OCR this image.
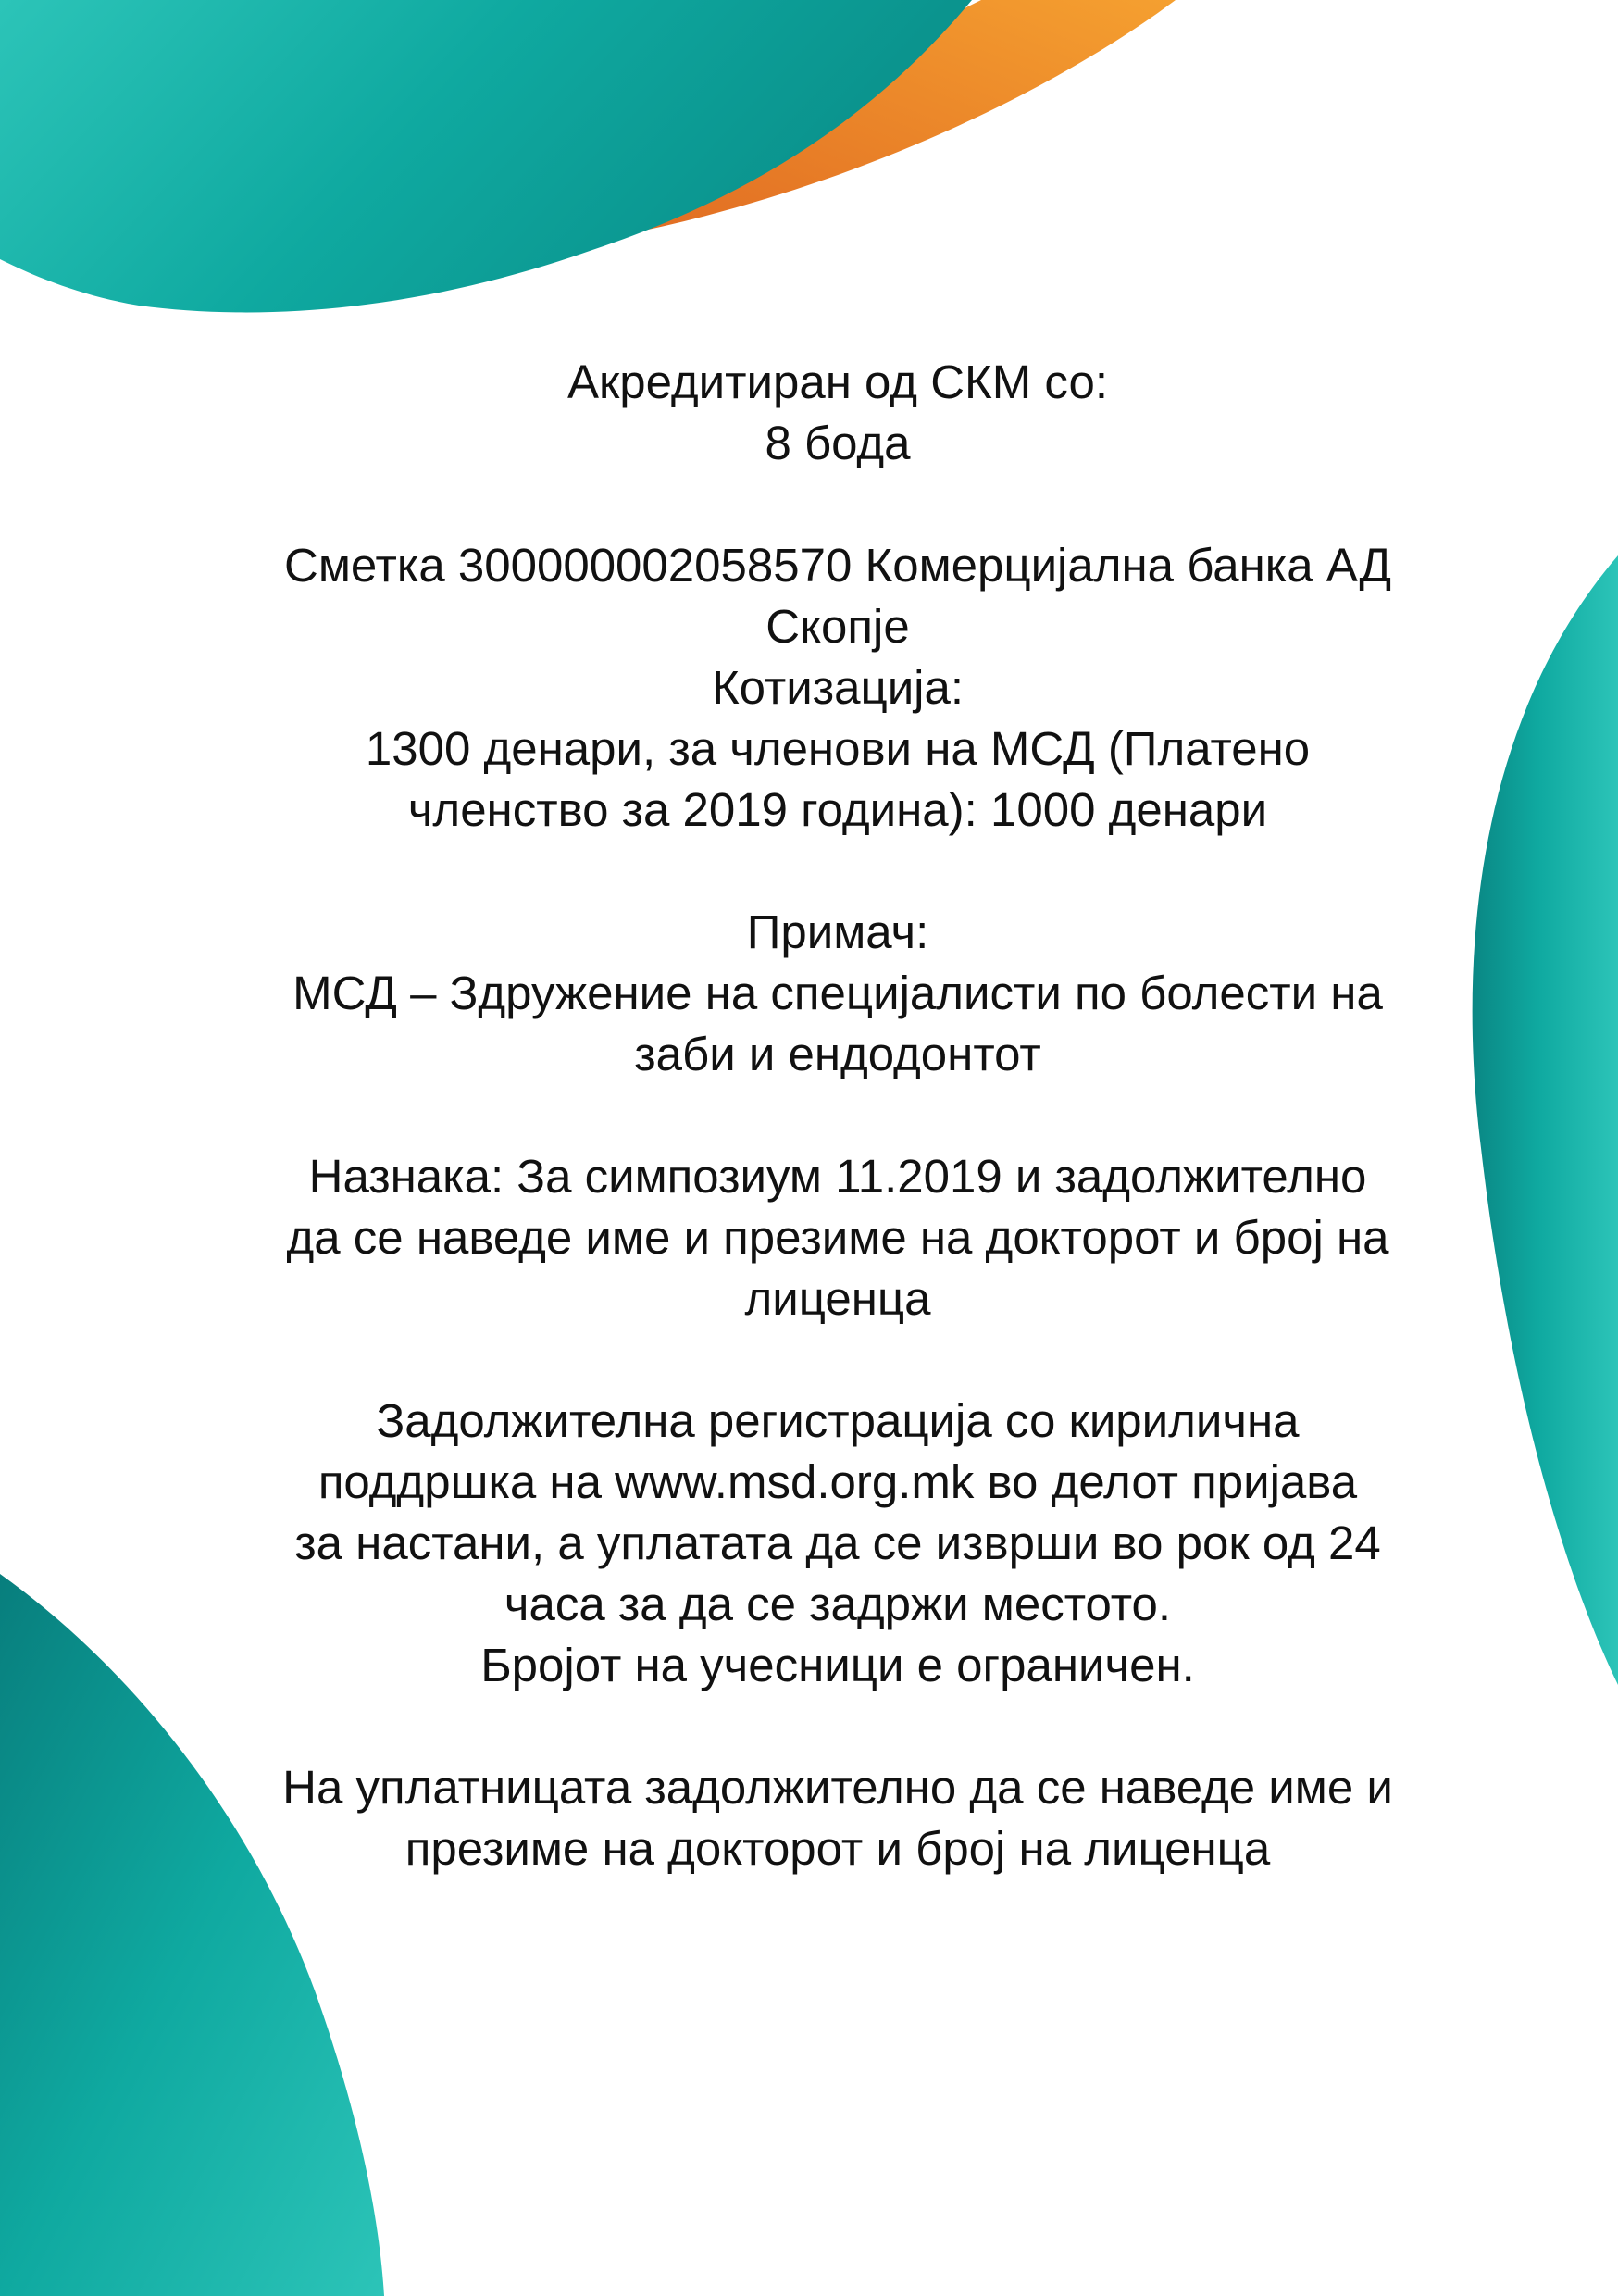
Акредитиран од СКМ со:
8 бода
Сметка 300000002058570 Комерцијална банка АД
Скопје
Котизација:
1300 денари, за членови на МСД (Платено
членство за 2019 година): 1000 денари
Примач:
МСД – Здружение на специјалисти по болести на
заби и ендодонтот
Назнака: За симпозиум 11.2019 и задолжително
да се наведе име и презиме на докторот и број на
лиценца
Задолжителна регистрација со кирилична
поддршка на www.msd.org.mk во делот пријава
за настани, а уплатата да се изврши во рок од 24
часа за да се задржи местото.
Бројот на учесници е ограничен.
На уплатницата задолжително да се наведе име и
презиме на докторот и број на лиценца
